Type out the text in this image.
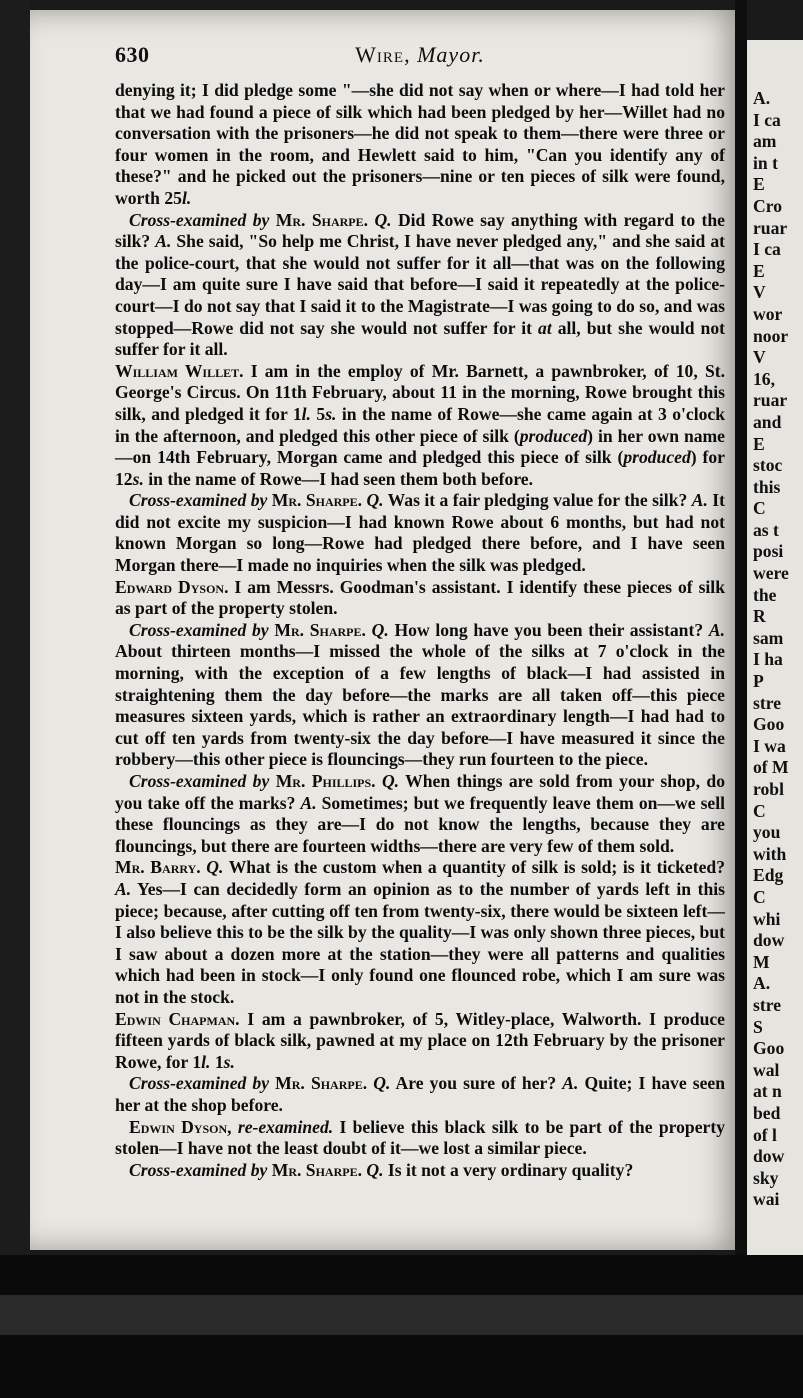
A.
I ca
am
in t
E
Cro
ruar
I ca
E
V
wor
noor
V
16,
ruar
and
E
stoc
this
C
as t
posi
were
the
R
sam
I ha
P
stre
Goo
I wa
of M
robl
C
you
with
Edg
C
whi
dow
M
A.
stre
S
Goo
wal
at n
bed
of l
dow
sky
wai
630	Wire, Mayor.

denying it; I did pledge some "—she did not say when or where—I had told her that we had found a piece of silk which had been pledged by her—Willet had no conversation with the prisoners—he did not speak to them—there were three or four women in the room, and Hewlett said to him, "Can you identify any of these?" and he picked out the prisoners—nine or ten pieces of silk were found, worth 25l.

Cross-examined by Mr. Sharpe. Q. Did Rowe say anything with regard to the silk? A. She said, "So help me Christ, I have never pledged any," and she said at the police-court, that she would not suffer for it all—that was on the following day—I am quite sure I have said that before—I said it repeatedly at the police-court—I do not say that I said it to the Magistrate—I was going to do so, and was stopped—Rowe did not say she would not suffer for it at all, but she would not suffer for it all.

William Willet. I am in the employ of Mr. Barnett, a pawnbroker, of 10, St. George's Circus. On 11th February, about 11 in the morning, Rowe brought this silk, and pledged it for 1l. 5s. in the name of Rowe—she came again at 3 o'clock in the afternoon, and pledged this other piece of silk (produced) in her own name—on 14th February, Morgan came and pledged this piece of silk (produced) for 12s. in the name of Rowe—I had seen them both before.

Cross-examined by Mr. Sharpe. Q. Was it a fair pledging value for the silk? A. It did not excite my suspicion—I had known Rowe about 6 months, but had not known Morgan so long—Rowe had pledged there before, and I have seen Morgan there—I made no inquiries when the silk was pledged.

Edward Dyson. I am Messrs. Goodman's assistant. I identify these pieces of silk as part of the property stolen.

Cross-examined by Mr. Sharpe. Q. How long have you been their assistant? A. About thirteen months—I missed the whole of the silks at 7 o'clock in the morning, with the exception of a few lengths of black—I had assisted in straightening them the day before—the marks are all taken off—this piece measures sixteen yards, which is rather an extraordinary length—I had had to cut off ten yards from twenty-six the day before—I have measured it since the robbery—this other piece is flouncings—they run fourteen to the piece.

Cross-examined by Mr. Phillips. Q. When things are sold from your shop, do you take off the marks? A. Sometimes; but we frequently leave them on—we sell these flouncings as they are—I do not know the lengths, because they are flouncings, but there are fourteen widths—there are very few of them sold.

Mr. Barry. Q. What is the custom when a quantity of silk is sold; is it ticketed? A. Yes—I can decidedly form an opinion as to the number of yards left in this piece; because, after cutting off ten from twenty-six, there would be sixteen left—I also believe this to be the silk by the quality—I was only shown three pieces, but I saw about a dozen more at the station—they were all patterns and qualities which had been in stock—I only found one flounced robe, which I am sure was not in the stock.

Edwin Chapman. I am a pawnbroker, of 5, Witley-place, Walworth. I produce fifteen yards of black silk, pawned at my place on 12th February by the prisoner Rowe, for 1l. 1s.

Cross-examined by Mr. Sharpe. Q. Are you sure of her? A. Quite; I have seen her at the shop before.

Edwin Dyson, re-examined. I believe this black silk to be part of the property stolen—I have not the least doubt of it—we lost a similar piece.

Cross-examined by Mr. Sharpe. Q. Is it not a very ordinary quality?
